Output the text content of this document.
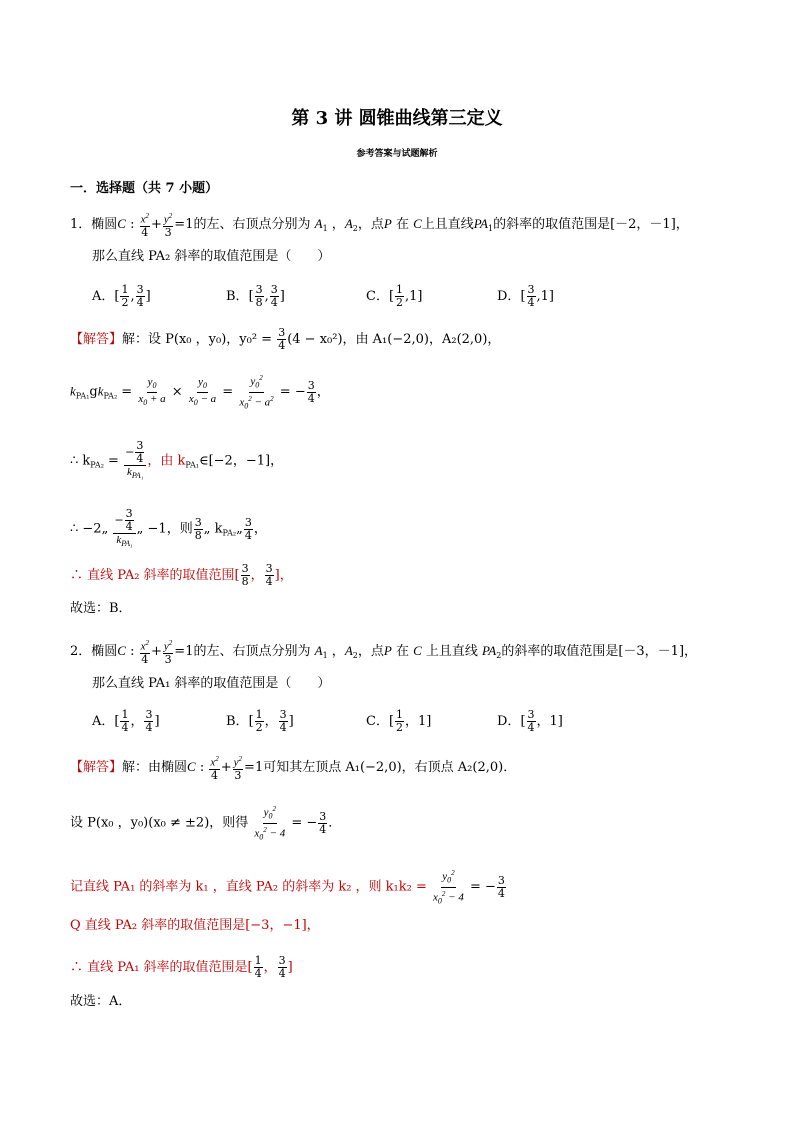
第 3 讲 圆锥曲线第三定义
参考答案与试题解析
一．选择题（共 7 小题）
1．椭圆C : $\frac{x^2}{4} + \frac{y^2}{3} =1$的左、右顶点分别为 $A_1$ ，$A_2$，点P 在 C上且直线$PA_1$的斜率的取值范围是[－2，－1]，
那么直线 PA₂ 斜率的取值范围是（　　）
A．[ $\frac{1}{2}$ , $\frac{3}{4}$ ]	B．[ $\frac{3}{8}$ , $\frac{3}{4}$ ]	C．[ $\frac{1}{2} ,1$]	D．[ $\frac{3}{4} ,1$]
【解答】解：设 P(x₀ ，y₀)，$y_0^2 = \frac{3}{4} (4 - x_0^2)$，由 A₁(−2,0)，A₂(2,0)，
$k_{PA_1}gk_{PA_2} = \frac{y_0}{x_0 + a} \times \frac{y_0}{x_0 - a} = \frac{y_0^2}{x_0^2 - a^2}$ = − $\frac{3}{4}$ ，
∴ $k_{PA_2} = \frac{- \frac{3}{4}}{k_{PA_1}}$ ，由 $k_{PA_1}\in[-2$，−1]，
∴ −2„ $\frac{- \frac{3}{4}}{k_{PA_1}}$ „ −1，则 $\frac{3}{8}$ „ $k_{PA_2}„ \frac{3}{4}$ ，
∴ 直线 PA₂ 斜率的取值范围[ $\frac{3}{8}$ ， $\frac{3}{4}$ ]，
故选：B．
2．椭圆C : $\frac{x^2}{4} + \frac{y^2}{3} =1$的左、右顶点分别为 $A_1$ ，$A_2$，点P 在 C 上且直线 $PA_2$的斜率的取值范围是[－3，－1]，
那么直线 PA₁ 斜率的取值范围是（　　）
A．[ $\frac{1}{4}$ ， $\frac{3}{4}$ ]	B．[ $\frac{1}{2}$ ， $\frac{3}{4}$ ]	C．[ $\frac{1}{2}$ ，1]	D．[ $\frac{3}{4}$ ，1]
【解答】解：由椭圆C : $\frac{x^2}{4} + \frac{y^2}{3} =1$可知其左顶点 A₁(−2,0)，右顶点 A₂(2,0)．
设 P(x₀ ，y₀)(x₀ ≠ ±2)，则得 $\frac{y_0^2}{x_0^2 - 4}$ = − $\frac{3}{4}$ ．
记直线 PA₁ 的斜率为 k₁ ，直线 PA₂ 的斜率为 k₂ ，则 $k_1k_2 = \frac{y_0^2}{x_0^2 - 4}$ = − $\frac{3}{4}$
Q 直线 PA₂ 斜率的取值范围是[−3，−1]，
∴ 直线 PA₁ 斜率的取值范围是[ $\frac{1}{4}$ ， $\frac{3}{4}$ ]
故选：A．
